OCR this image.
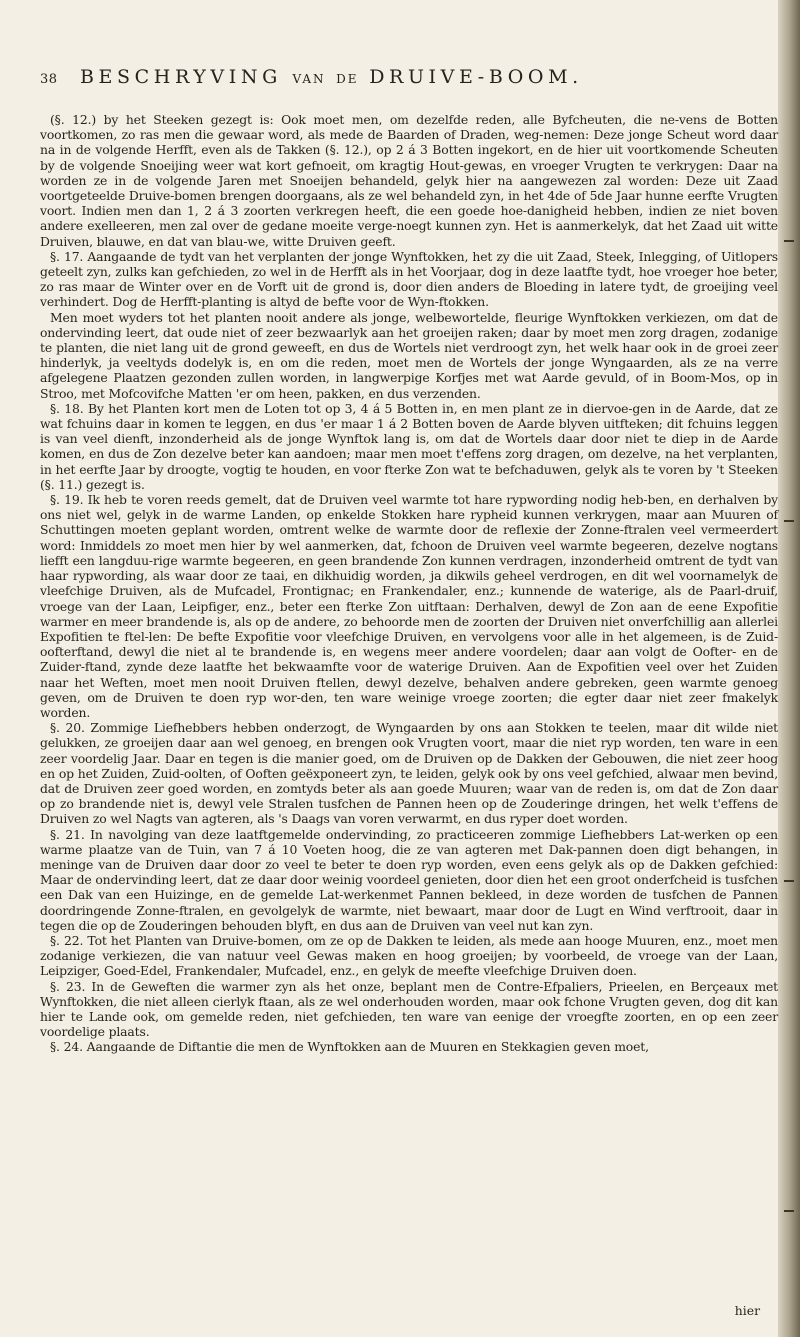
38 BESCHRYVING VAN DE DRUIVE-BOOM.

(§. 12.) by het Steeken gezegt is: Ook moet men, om dezelfde reden, alle Byfcheuten, die ne-vens de Botten voortkomen, zo ras men die gewaar word, als mede de Baarden of Draden, weg-nemen: Deze jonge Scheut word daar na in de volgende Herfft, even als de Takken (§. 12.), op 2 á 3 Botten ingekort, en de hier uit voortkomende Scheuten by de volgende Snoeijing weer wat kort gefnoeit, om kragtig Hout-gewas, en vroeger Vrugten te verkrygen: Daar na worden ze in de volgende Jaren met Snoeijen behandeld, gelyk hier na aangewezen zal worden: Deze uit Zaad voortgeteelde Druive-bomen brengen doorgaans, als ze wel behandeld zyn, in het 4de of 5de Jaar hunne eerfte Vrugten voort. Indien men dan 1, 2 á 3 zoorten verkregen heeft, die een goede hoe-danigheid hebben, indien ze niet boven andere exelleeren, men zal over de gedane moeite verge-noegt kunnen zyn. Het is aanmerkelyk, dat het Zaad uit witte Druiven, blauwe, en dat van blau-we, witte Druiven geeft.

§. 17. Aangaande de tydt van het verplanten der jonge Wynftokken, het zy die uit Zaad, Steek, Inlegging, of Uitlopers geteelt zyn, zulks kan gefchieden, zo wel in de Herfft als in het Voorjaar, dog in deze laatfte tydt, hoe vroeger hoe beter, zo ras maar de Winter over en de Vorft uit de grond is, door dien anders de Bloeding in latere tydt, de groeijing veel verhindert. Dog de Herfft-planting is altyd de befte voor de Wyn-ftokken.

Men moet wyders tot het planten nooit andere als jonge, welbewortelde, fleurige Wynftokken verkiezen, om dat de ondervinding leert, dat oude niet of zeer bezwaarlyk aan het groeijen raken; daar by moet men zorg dragen, zodanige te planten, die niet lang uit de grond geweeft, en dus de Wortels niet verdroogt zyn, het welk haar ook in de groei zeer hinderlyk, ja veeltyds dodelyk is, en om die reden, moet men de Wortels der jonge Wyngaarden, als ze na verre afgelegene Plaatzen gezonden zullen worden, in langwerpige Korfjes met wat Aarde gevuld, of in Boom-Mos, op in Stroo, met Mofcovifche Matten 'er om heen, pakken, en dus verzenden.

§. 18. By het Planten kort men de Loten tot op 3, 4 á 5 Botten in, en men plant ze in diervoe-gen in de Aarde, dat ze wat fchuins daar in komen te leggen, en dus 'er maar 1 á 2 Botten boven de Aarde blyven uitfteken; dit fchuins leggen is van veel dienft, inzonderheid als de jonge Wynftok lang is, om dat de Wortels daar door niet te diep in de Aarde komen, en dus de Zon dezelve beter kan aandoen; maar men moet t'effens zorg dragen, om dezelve, na het verplanten, in het eerfte Jaar by droogte, vogtig te houden, en voor fterke Zon wat te befchaduwen, gelyk als te voren by 't Steeken (§. 11.) gezegt is.

§. 19. Ik heb te voren reeds gemelt, dat de Druiven veel warmte tot hare rypwording nodig heb-ben, en derhalven by ons niet wel, gelyk in de warme Landen, op enkelde Stokken hare rypheid kunnen verkrygen, maar aan Muuren of Schuttingen moeten geplant worden, omtrent welke de warmte door de reflexie der Zonne-ftralen veel vermeerdert word: Inmiddels zo moet men hier by wel aanmerken, dat, fchoon de Druiven veel warmte begeeren, dezelve nogtans liefft een langduu-rige warmte begeeren, en geen brandende Zon kunnen verdragen, inzonderheid omtrent de tydt van haar rypwording, als waar door ze taai, en dikhuidig worden, ja dikwils geheel verdrogen, en dit wel voornamelyk de vleefchige Druiven, als de Mufcadel, Frontignac; en Frankendaler, enz.; kunnende de waterige, als de Paarl-druif, vroege van der Laan, Leipfiger, enz., beter een fterke Zon uitftaan: Derhalven, dewyl de Zon aan de eene Expofitie warmer en meer brandende is, als op de andere, zo behoorde men de zoorten der Druiven niet onverfchillig aan allerlei Expofitien te ftel-len: De befte Expofitie voor vleefchige Druiven, en vervolgens voor alle in het algemeen, is de Zuid-oofterftand, dewyl die niet al te brandende is, en wegens meer andere voordelen; daar aan volgt de Oofter- en de Zuider-ftand, zynde deze laatfte het bekwaamfte voor de waterige Druiven. Aan de Expofitien veel over het Zuiden naar het Weften, moet men nooit Druiven ftellen, dewyl dezelve, behalven andere gebreken, geen warmte genoeg geven, om de Druiven te doen ryp wor-den, ten ware weinige vroege zoorten; die egter daar niet zeer fmakelyk worden.

§. 20. Zommige Liefhebbers hebben onderzogt, de Wyngaarden by ons aan Stokken te teelen, maar dit wilde niet gelukken, ze groeijen daar aan wel genoeg, en brengen ook Vrugten voort, maar die niet ryp worden, ten ware in een zeer voordelig Jaar. Daar en tegen is die manier goed, om de Druiven op de Dakken der Gebouwen, die niet zeer hoog en op het Zuiden, Zuid-oolten, of Ooften geëxponeert zyn, te leiden, gelyk ook by ons veel gefchied, alwaar men bevind, dat de Druiven zeer goed worden, en zomtyds beter als aan goede Muuren; waar van de reden is, om dat de Zon daar op zo brandende niet is, dewyl vele Stralen tusfchen de Pannen heen op de Zouderinge dringen, het welk t'effens de Druiven zo wel Nagts van agteren, als 's Daags van voren verwarmt, en dus ryper doet worden.

§. 21. In navolging van deze laatftgemelde ondervinding, zo practiceeren zommige Liefhebbers Lat-werken op een warme plaatze van de Tuin, van 7 á 10 Voeten hoog, die ze van agteren met Dak-pannen doen digt behangen, in meninge van de Druiven daar door zo veel te beter te doen ryp worden, even eens gelyk als op de Dakken gefchied: Maar de ondervinding leert, dat ze daar door weinig voordeel genieten, door dien het een groot onderfcheid is tusfchen een Dak van een Huizinge, en de gemelde Lat-werkenmet Pannen bekleed, in deze worden de tusfchen de Pannen doordringende Zonne-ftralen, en gevolgelyk de warmte, niet bewaart, maar door de Lugt en Wind verftrooit, daar in tegen die op de Zouderingen behouden blyft, en dus aan de Druiven van veel nut kan zyn.

§. 22. Tot het Planten van Druive-bomen, om ze op de Dakken te leiden, als mede aan hooge Muuren, enz., moet men zodanige verkiezen, die van natuur veel Gewas maken en hoog groeijen; by voorbeeld, de vroege van der Laan, Leipziger, Goed-Edel, Frankendaler, Mufcadel, enz., en gelyk de meefte vleefchige Druiven doen.

§. 23. In de Geweften die warmer zyn als het onze, beplant men de Contre-Efpaliers, Prieelen, en Berçeaux met Wynftokken, die niet alleen cierlyk ftaan, als ze wel onderhouden worden, maar ook fchone Vrugten geven, dog dit kan hier te Lande ook, om gemelde reden, niet gefchieden, ten ware van eenige der vroegfte zoorten, en op een zeer voordelige plaats.

§. 24. Aangaande de Diftantie die men de Wynftokken aan de Muuren en Stekkagien geven moet,

hier
